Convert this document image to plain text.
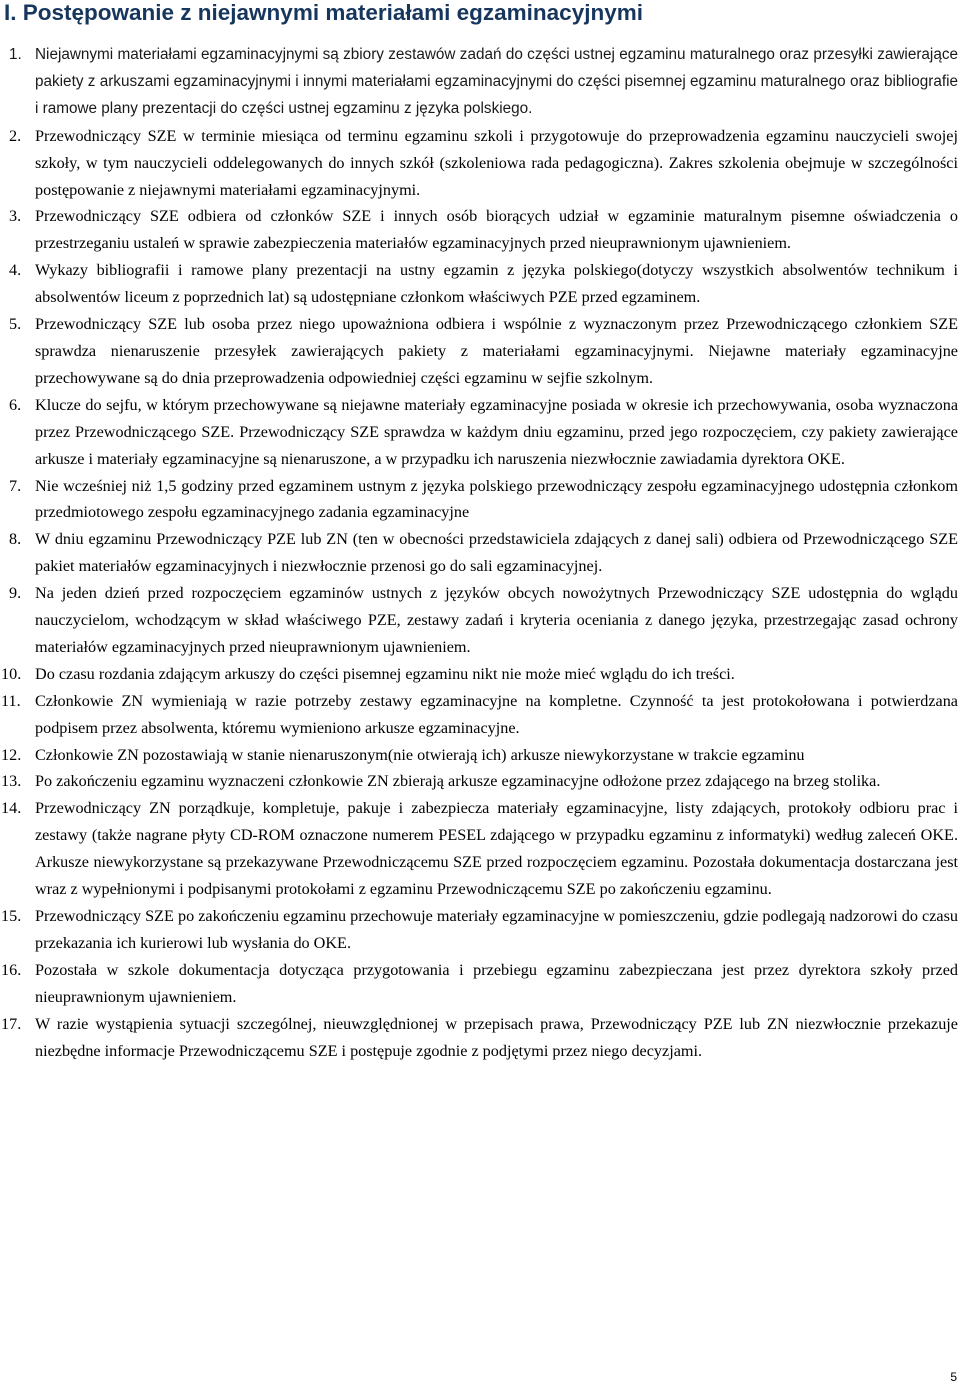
I. Postępowanie z niejawnymi materiałami egzaminacyjnymi
1. Niejawnymi materiałami egzaminacyjnymi są zbiory zestawów zadań do części ustnej egzaminu maturalnego oraz przesyłki zawierające pakiety z arkuszami egzaminacyjnymi i innymi materiałami egzaminacyjnymi do części pisemnej egzaminu maturalnego oraz bibliografie i ramowe plany prezentacji do części ustnej egzaminu z języka polskiego.
2. Przewodniczący SZE w terminie miesiąca od terminu egzaminu szkoli i przygotowuje do przeprowadzenia egzaminu nauczycieli swojej szkoły, w tym nauczycieli oddelegowanych do innych szkół (szkoleniowa rada pedagogiczna). Zakres szkolenia obejmuje w szczególności postępowanie z niejawnymi materiałami egzaminacyjnymi.
3. Przewodniczący SZE odbiera od członków SZE i innych osób biorących udział w egzaminie maturalnym pisemne oświadczenia o przestrzeganiu ustaleń w sprawie zabezpieczenia materiałów egzaminacyjnych przed nieuprawnionym ujawnieniem.
4. Wykazy bibliografii i ramowe plany prezentacji na ustny egzamin z języka polskiego(dotyczy wszystkich absolwentów technikum i absolwentów liceum z poprzednich lat) są udostępniane członkom właściwych PZE przed egzaminem.
5. Przewodniczący SZE lub osoba przez niego upoważniona odbiera i wspólnie z wyznaczonym przez Przewodniczącego członkiem SZE sprawdza nienaruszenie przesyłek zawierających pakiety z materiałami egzaminacyjnymi. Niejawne materiały egzaminacyjne przechowywane są do dnia przeprowadzenia odpowiedniej części egzaminu w sejfie szkolnym.
6. Klucze do sejfu, w którym przechowywane są niejawne materiały egzaminacyjne posiada w okresie ich przechowywania, osoba wyznaczona przez Przewodniczącego SZE. Przewodniczący SZE sprawdza w każdym dniu egzaminu, przed jego rozpoczęciem, czy pakiety zawierające arkusze i materiały egzaminacyjne są nienaruszone, a w przypadku ich naruszenia niezwłocznie zawiadamia dyrektora OKE.
7. Nie wcześniej niż 1,5 godziny przed egzaminem ustnym z języka polskiego przewodniczący zespołu egzaminacyjnego udostępnia członkom przedmiotowego zespołu egzaminacyjnego zadania egzaminacyjne
8. W dniu egzaminu Przewodniczący PZE lub ZN (ten w obecności przedstawiciela zdających z danej sali) odbiera od Przewodniczącego SZE pakiet materiałów egzaminacyjnych i niezwłocznie przenosi go do sali egzaminacyjnej.
9. Na jeden dzień przed rozpoczęciem egzaminów ustnych z języków obcych nowożytnych Przewodniczący SZE udostępnia do wglądu nauczycielom, wchodzącym w skład właściwego PZE, zestawy zadań i kryteria oceniania z danego języka, przestrzegając zasad ochrony materiałów egzaminacyjnych przed nieuprawnionym ujawnieniem.
10. Do czasu rozdania zdającym arkuszy do części pisemnej egzaminu nikt nie może mieć wglądu do ich treści.
11. Członkowie ZN wymieniają w razie potrzeby zestawy egzaminacyjne na kompletne. Czynność ta jest protokołowana i potwierdzana podpisem przez absolwenta, któremu wymieniono arkusze egzaminacyjne.
12. Członkowie ZN pozostawiają w stanie nienaruszonym(nie otwierają ich) arkusze niewykorzystane w trakcie egzaminu
13. Po zakończeniu egzaminu wyznaczeni członkowie ZN zbierają arkusze egzaminacyjne odłożone przez zdającego na brzeg stolika.
14. Przewodniczący ZN porządkuje, kompletuje, pakuje i zabezpiecza materiały egzaminacyjne, listy zdających, protokoły odbioru prac i zestawy (także nagrane płyty CD-ROM oznaczone numerem PESEL zdającego w przypadku egzaminu z informatyki) według zaleceń OKE. Arkusze niewykorzystane są przekazywane Przewodniczącemu SZE przed rozpoczęciem egzaminu. Pozostała dokumentacja dostarczana jest wraz z wypełnionymi i podpisanymi protokołami z egzaminu Przewodniczącemu SZE po zakończeniu egzaminu.
15. Przewodniczący SZE po zakończeniu egzaminu przechowuje materiały egzaminacyjne w pomieszczeniu, gdzie podlegają nadzorowi do czasu przekazania ich kurierowi lub wysłania do OKE.
16. Pozostała w szkole dokumentacja dotycząca przygotowania i przebiegu egzaminu zabezpieczana jest przez dyrektora szkoły przed nieuprawnionym ujawnieniem.
17. W razie wystąpienia sytuacji szczególnej, nieuwzględnionej w przepisach prawa, Przewodniczący PZE lub ZN niezwłocznie przekazuje niezbędne informacje Przewodniczącemu SZE i postępuje zgodnie z podjętymi przez niego decyzjami.
5
